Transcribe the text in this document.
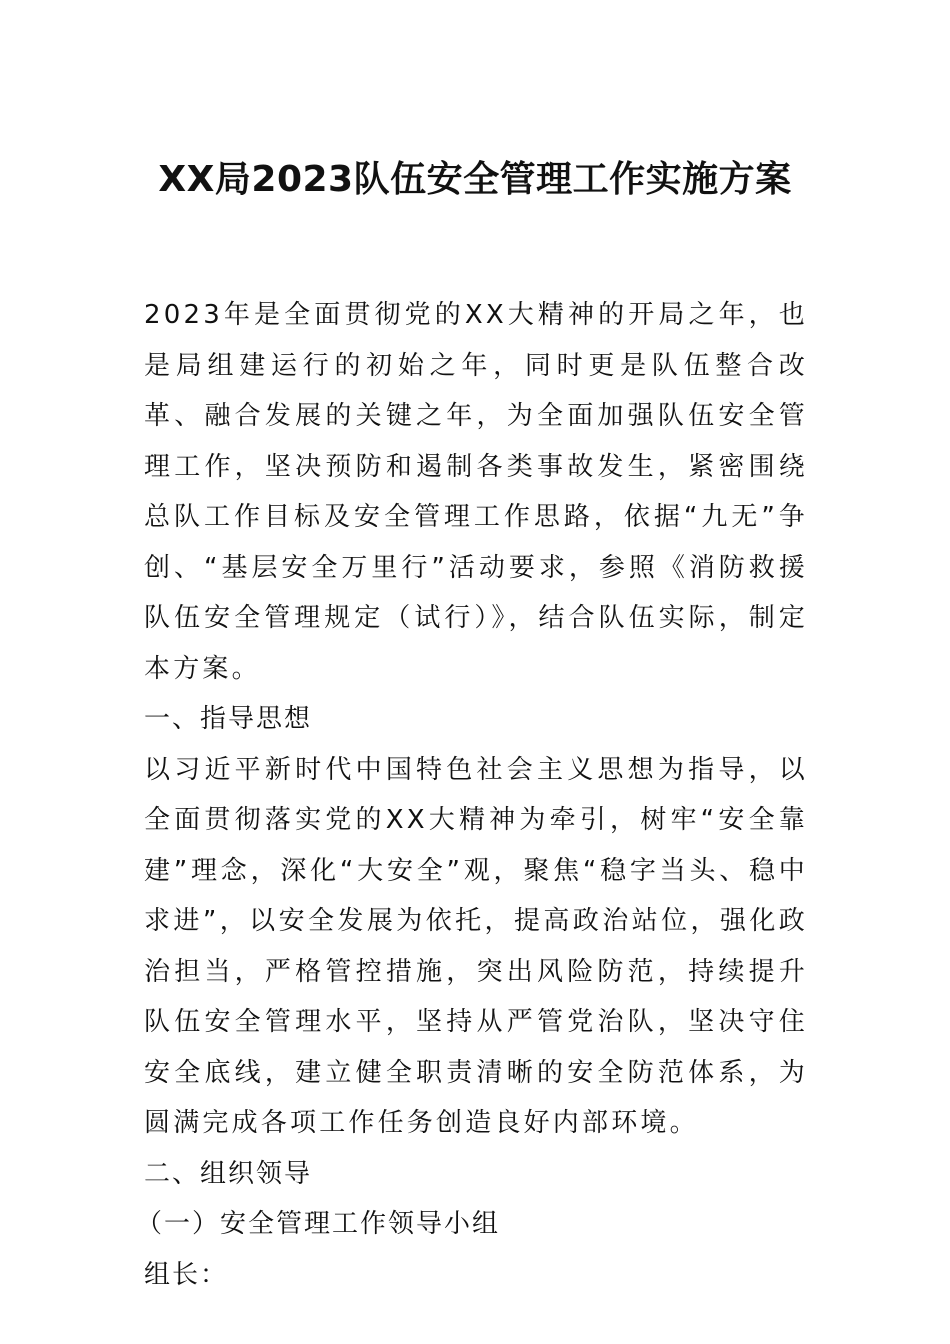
XX局2023队伍安全管理工作实施方案

2023年是全面贯彻党的XX大精神的开局之年，也是局组建运行的初始之年，同时更是队伍整合改革、融合发展的关键之年，为全面加强队伍安全管理工作，坚决预防和遏制各类事故发生，紧密围绕总队工作目标及安全管理工作思路，依据“九无”争创、“基层安全万里行”活动要求，参照《消防救援队伍安全管理规定（试行）》，结合队伍实际，制定本方案。

一、指导思想

以习近平新时代中国特色社会主义思想为指导，以全面贯彻落实党的XX大精神为牵引，树牢“安全靠建”理念，深化“大安全”观，聚焦“稳字当头、稳中求进”，以安全发展为依托，提高政治站位，强化政治担当，严格管控措施，突出风险防范，持续提升队伍安全管理水平，坚持从严管党治队，坚决守住安全底线，建立健全职责清晰的安全防范体系，为圆满完成各项工作任务创造良好内部环境。

二、组织领导

（一）安全管理工作领导小组

组长：
